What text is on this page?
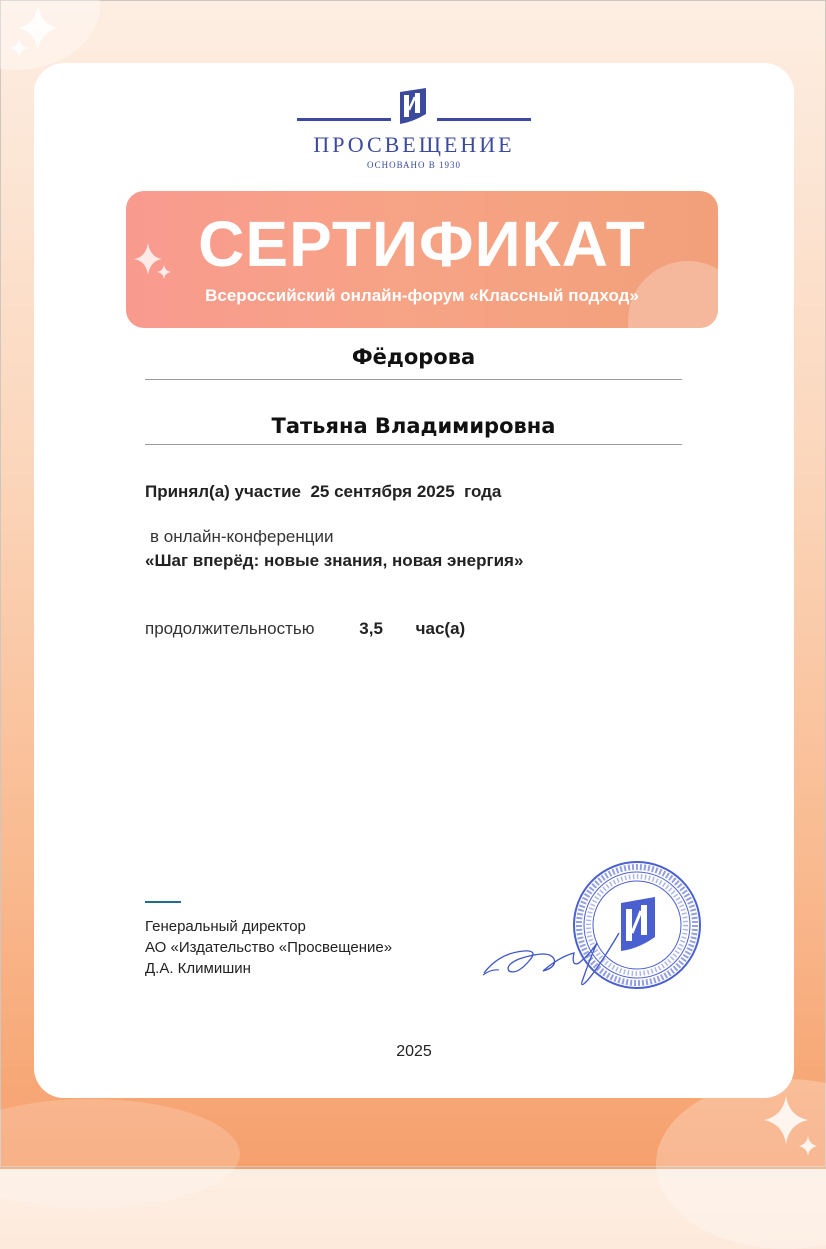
ПРОСВЕЩЕНИЕ
ОСНОВАНО В 1930
СЕРТИФИКАТ
Всероссийский онлайн-форум «Классный подход»
Фёдорова
Татьяна Владимировна
Принял(а) участие 25 сентября 2025 года
в онлайн-конференции
«Шаг вперёд: новые знания, новая энергия»
продолжительностью	3,5 час(а)
Генеральный директор
АО «Издательство «Просвещение»
Д.А. Климишин
2025
